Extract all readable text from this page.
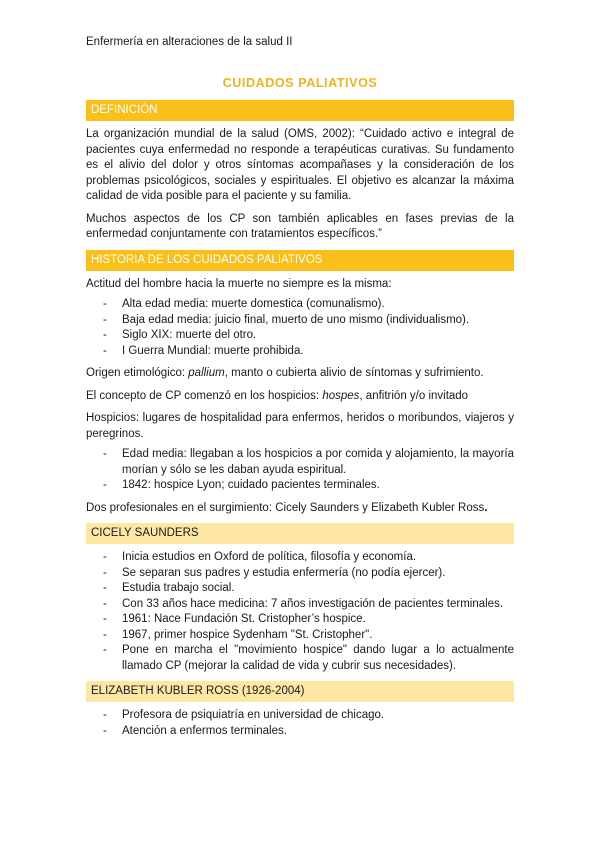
Enfermería en alteraciones de la salud II
CUIDADOS PALIATIVOS
DEFINICIÓN

La organización mundial de la salud (OMS, 2002): “Cuidado activo e integral de pacientes cuya enfermedad no responde a terapéuticas curativas. Su fundamento es el alivio del dolor y otros síntomas acompañases y la consideración de los problemas psicológicos, sociales y espirituales. El objetivo es alcanzar la máxima calidad de vida posible para el paciente y su familia.

Muchos aspectos de los CP son también aplicables en fases previas de la enfermedad conjuntamente con tratamientos específicos.”

HISTORIA DE LOS CUIDADOS PALIATIVOS

Actitud del hombre hacia la muerte no siempre es la misma:

- Alta edad media: muerte domestica (comunalismo).
- Baja edad media: juicio final, muerto de uno mismo (individualismo).
- Siglo XIX: muerte del otro.
- I Guerra Mundial: muerte prohibida.

Origen etimológico: pallium, manto o cubierta alivio de síntomas y sufrimiento.

El concepto de CP comenzó en los hospicios: hospes, anfitrión y/o invitado

Hospicios: lugares de hospitalidad para enfermos, heridos o moribundos, viajeros y peregrinos.

- Edad media: llegaban a los hospicios a por comida y alojamiento, la mayoría morían y sólo se les daban ayuda espiritual.
- 1842: hospice Lyon; cuidado pacientes terminales.

Dos profesionales en el surgimiento: Cicely Saunders y Elizabeth Kubler Ross.

CICELY SAUNDERS
- Inicia estudios en Oxford de política, filosofía y economía.
- Se separan sus padres y estudia enfermería (no podía ejercer).
- Estudia trabajo social.
- Con 33 años hace medicina: 7 años investigación de pacientes terminales.
- 1961: Nace Fundación St. Cristopher’s hospice.
- 1967, primer hospice Sydenham "St. Cristopher".
- Pone en marcha el "movimiento hospice" dando lugar a lo actualmente llamado CP (mejorar la calidad de vida y cubrir sus necesidades).
ELIZABETH KUBLER ROSS (1926-2004)
- Profesora de psiquiatría en universidad de chicago.
- Atención a enfermos terminales.
